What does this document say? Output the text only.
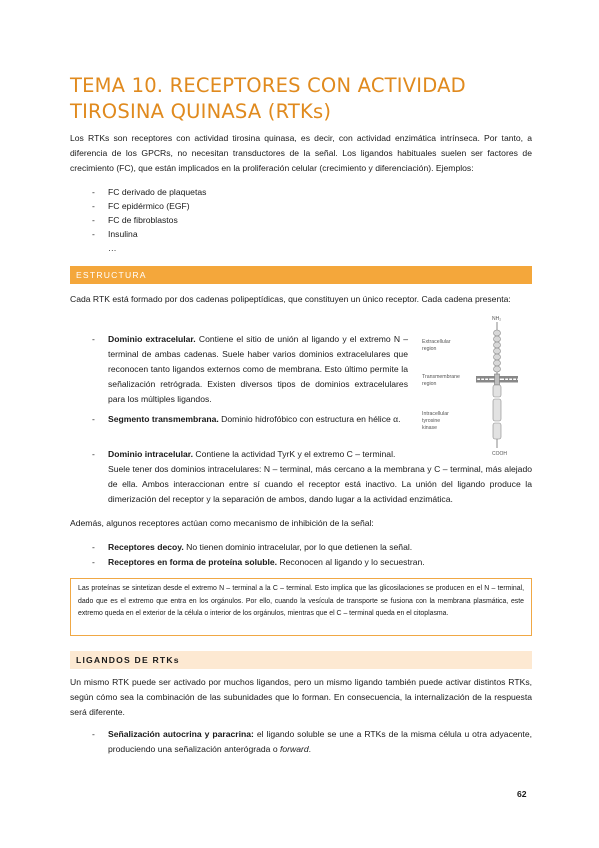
TEMA 10. RECEPTORES CON ACTIVIDAD TIROSINA QUINASA (RTKs)

Los RTKs son receptores con actividad tirosina quinasa, es decir, con actividad enzimática intrínseca. Por tanto, a diferencia de los GPCRs, no necesitan transductores de la señal. Los ligandos habituales suelen ser factores de crecimiento (FC), que están implicados en la proliferación celular (crecimiento y diferenciación). Ejemplos:

- FC derivado de plaquetas
- FC epidérmico (EGF)
- FC de fibroblastos
- Insulina
…
ESTRUCTURA

Cada RTK está formado por dos cadenas polipeptídicas, que constituyen un único receptor. Cada cadena presenta:

- Dominio extracelular. Contiene el sitio de unión al ligando y el extremo N – terminal de ambas cadenas. Suele haber varios dominios extracelulares que reconocen tanto ligandos externos como de membrana. Esto último permite la señalización retrógrada. Existen diversos tipos de dominios extracelulares para los múltiples ligandos.
- Segmento transmembrana. Dominio hidrofóbico con estructura en hélice α.
- Dominio intracelular. Contiene la actividad TyrK y el extremo C – terminal.
Suele tener dos dominios intracelulares: N – terminal, más cercano a la membrana y C – terminal, más alejado de ella. Ambos interaccionan entre sí cuando el receptor está inactivo. La unión del ligando produce la dimerización del receptor y la separación de ambos, dando lugar a la actividad enzimática.
NH₂
COOH
Extracellular
region
Transmembrane
region
Intracellular
tyrosine
kinase

Además, algunos receptores actúan como mecanismo de inhibición de la señal:

- Receptores decoy. No tienen dominio intracelular, por lo que detienen la señal.
- Receptores en forma de proteína soluble. Reconocen al ligando y lo secuestran.
Las proteínas se sintetizan desde el extremo N – terminal a la C – terminal. Esto implica que las glicosilaciones se producen en el N – terminal, dado que es el extremo que entra en los orgánulos. Por ello, cuando la vesícula de transporte se fusiona con la membrana plasmática, este extremo queda en el exterior de la célula o interior de los orgánulos, mientras que el C – terminal queda en el citoplasma.
LIGANDOS DE RTKs

Un mismo RTK puede ser activado por muchos ligandos, pero un mismo ligando también puede activar distintos RTKs, según cómo sea la combinación de las subunidades que lo forman. En consecuencia, la internalización de la respuesta será diferente.

- Señalización autocrina y paracrina: el ligando soluble se une a RTKs de la misma célula u otra adyacente, produciendo una señalización anterógrada o forward.
62
